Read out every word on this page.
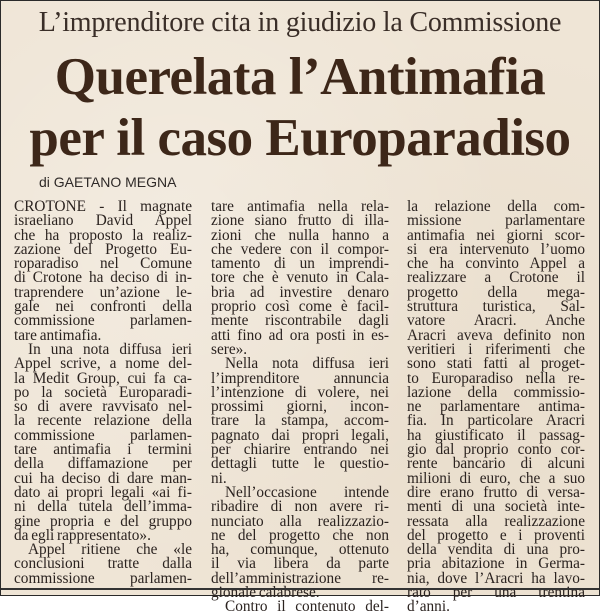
L’imprenditore cita in giudizio la Commissione
Querelata l’Antimafia
per il caso Europaradiso
di GAETANO MEGNA
CROTONE - Il magnate
israeliano David Appel
che ha proposto la realiz-
zazione del Progetto Eu-
roparadiso nel Comune
di Crotone ha deciso di in-
traprendere un’azione le-
gale nei confronti della
commissione parlamen-
tare antimafia.
In una nota diffusa ieri
Appel scrive, a nome del-
la Medit Group, cui fa ca-
po la società Europaradi-
so di avere ravvisato nel-
la recente relazione della
commissione parlamen-
tare antimafia i termini
della diffamazione per
cui ha deciso di dare man-
dato ai propri legali «ai fi-
ni della tutela dell’imma-
gine propria e del gruppo
da egli rappresentato».
Appel ritiene che «le
conclusioni tratte dalla
commissione parlamen-
tare antimafia nella rela-
zione siano frutto di illa-
zioni che nulla hanno a
che vedere con il compor-
tamento di un imprendi-
tore che è venuto in Cala-
bria ad investire denaro
proprio così come è facil-
mente riscontrabile dagli
atti fino ad ora posti in es-
sere».
Nella nota diffusa ieri
l’imprenditore annuncia
l’intenzione di volere, nei
prossimi giorni, incon-
trare la stampa, accom-
pagnato dai propri legali,
per chiarire entrando nei
dettagli tutte le questio-
ni.
Nell’occasione intende
ribadire di non avere ri-
nunciato alla realizzazio-
ne del progetto che non
ha, comunque, ottenuto
il via libera da parte
dell’amministrazione re-
gionale calabrese.
Contro il contenuto del-
la relazione della com-
missione parlamentare
antimafia nei giorni scor-
si era intervenuto l’uomo
che ha convinto Appel a
realizzare a Crotone il
progetto della mega-
struttura turistica, Sal-
vatore Aracri. Anche
Aracri aveva definito non
veritieri i riferimenti che
sono stati fatti al proget-
to Europaradiso nella re-
lazione della commissio-
ne parlamentare antima-
fia. In particolare Aracri
ha giustificato il passag-
gio dal proprio conto cor-
rente bancario di alcuni
milioni di euro, che a suo
dire erano frutto di versa-
menti di una società inte-
ressata alla realizzazione
del progetto e i proventi
della vendita di una pro-
pria abitazione in Germa-
nia, dove l’Aracri ha lavo-
rato per una trentina
d’anni.
